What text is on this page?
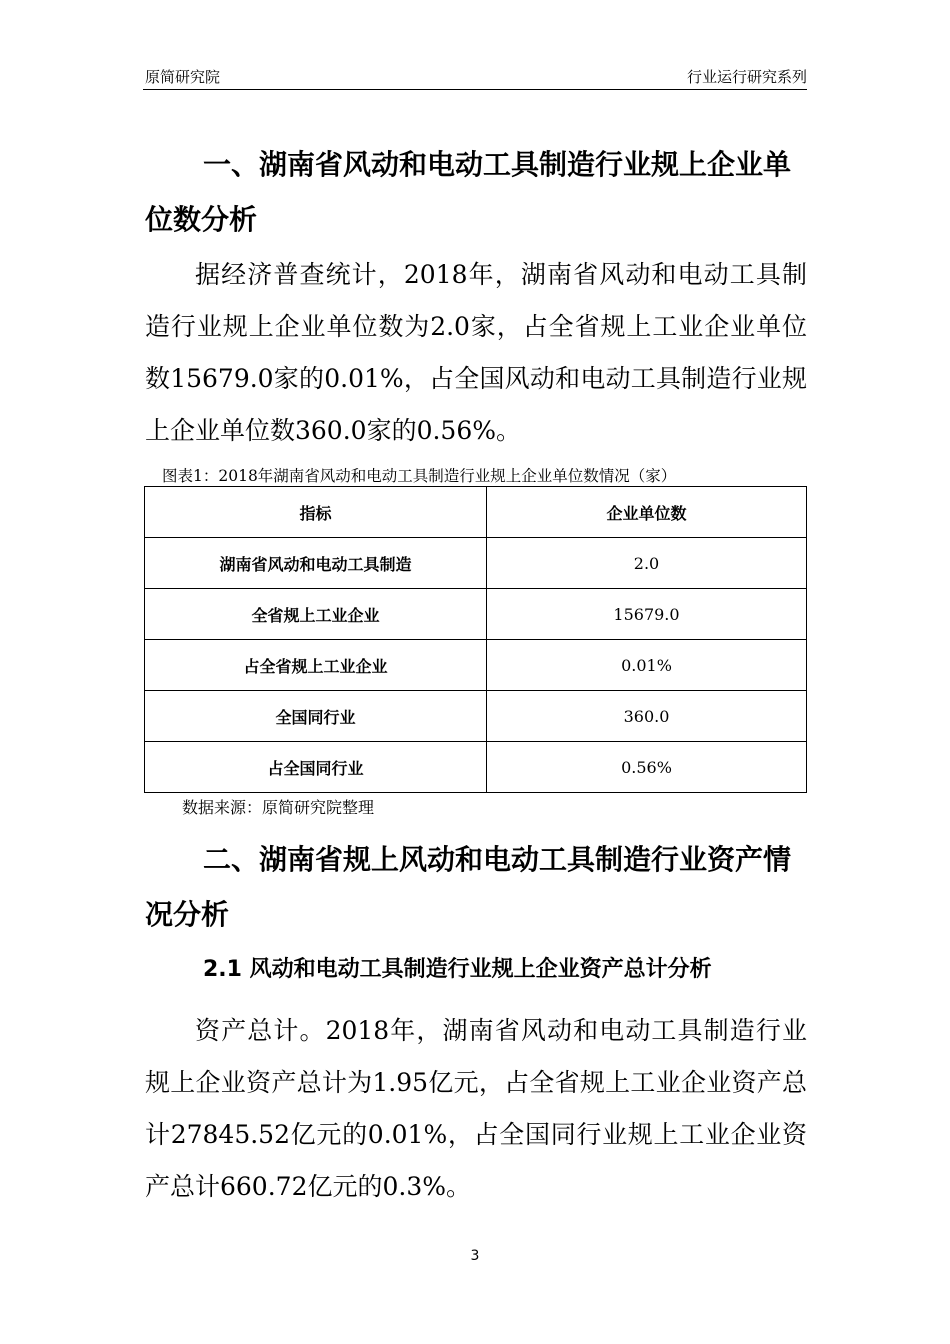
原简研究院	行业运行研究系列
一、湖南省风动和电动工具制造行业规上企业单位数分析

据经济普查统计，2018年，湖南省风动和电动工具制造行业规上企业单位数为2.0家，占全省规上工业企业单位数15679.0家的0.01%，占全国风动和电动工具制造行业规上企业单位数360.0家的0.56%。

图表1：2018年湖南省风动和电动工具制造行业规上企业单位数情况（家）
指标	企业单位数
湖南省风动和电动工具制造	2.0
全省规上工业企业	15679.0
占全省规上工业企业	0.01%
全国同行业	360.0
占全国同行业	0.56%
数据来源：原简研究院整理
二、湖南省规上风动和电动工具制造行业资产情况分析
2.1 风动和电动工具制造行业规上企业资产总计分析

资产总计。2018年，湖南省风动和电动工具制造行业规上企业资产总计为1.95亿元，占全省规上工业企业资产总计27845.52亿元的0.01%，占全国同行业规上工业企业资产总计660.72亿元的0.3%。

3
